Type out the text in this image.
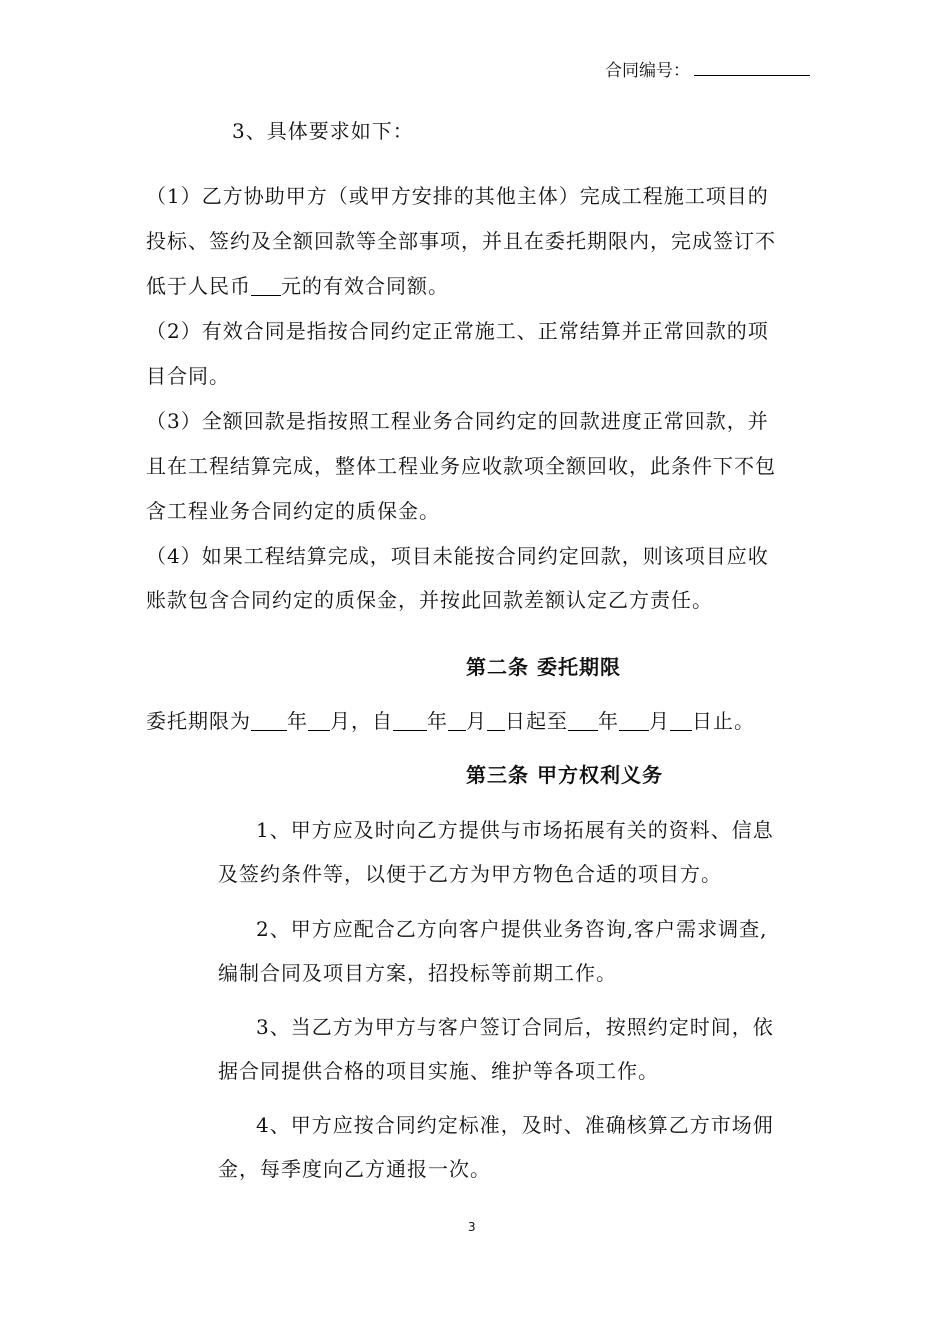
合同编号：
3、具体要求如下：
（1）乙方协助甲方（或甲方安排的其他主体）完成工程施工项目的
投标、签约及全额回款等全部事项，并且在委托期限内，完成签订不
低于人民币 元的有效合同额。
（2）有效合同是指按合同约定正常施工、正常结算并正常回款的项
目合同。
（3）全额回款是指按照工程业务合同约定的回款进度正常回款，并
且在工程结算完成，整体工程业务应收款项全额回收，此条件下不包
含工程业务合同约定的质保金。
（4）如果工程结算完成，项目未能按合同约定回款，则该项目应收
账款包含合同约定的质保金，并按此回款差额认定乙方责任。
第二条 委托期限
委托期限为 年 月，自 年 月 日起至 年 月 日止。
第三条 甲方权利义务
1、甲方应及时向乙方提供与市场拓展有关的资料、信息
及签约条件等，以便于乙方为甲方物色合适的项目方。
2、甲方应配合乙方向客户提供业务咨询,客户需求调查,
编制合同及项目方案，招投标等前期工作。
3、当乙方为甲方与客户签订合同后，按照约定时间，依
据合同提供合格的项目实施、维护等各项工作。
4、甲方应按合同约定标准，及时、准确核算乙方市场佣
金，每季度向乙方通报一次。
3
